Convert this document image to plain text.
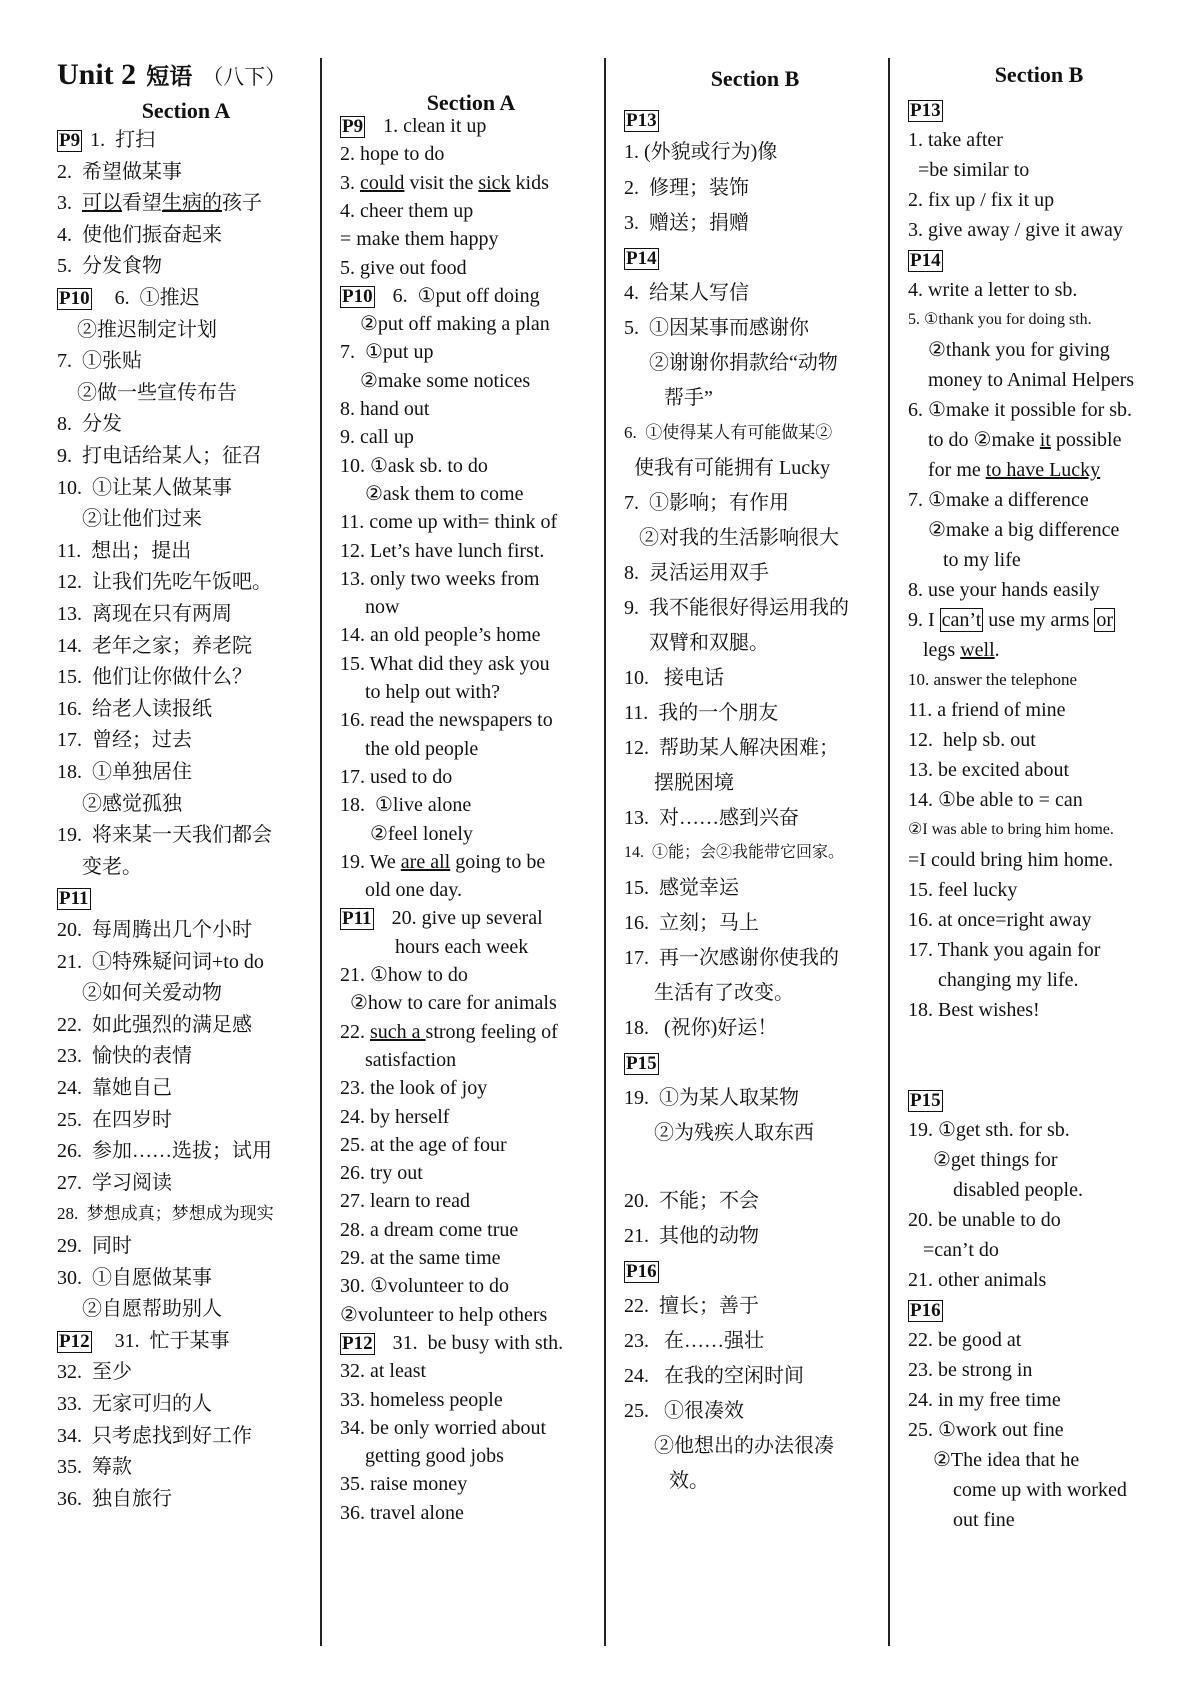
Unit 2 短语 （八下）
Section A
P9 1.  打扫
2.  希望做某事
3.  可以看望生病的孩子
4.  使他们振奋起来
5.  分发食物
P10   6.  ①推迟
②推迟制定计划
7.  ①张贴
②做一些宣传布告
8.  分发
9.  打电话给某人；征召
10.  ①让某人做某事
②让他们过来
11.  想出；提出
12.  让我们先吃午饭吧。
13.  离现在只有两周
14.  老年之家；养老院
15.  他们让你做什么？
16.  给老人读报纸
17.  曾经；过去
18.  ①单独居住
②感觉孤独
19.  将来某一天我们都会
变老。
P11
20.  每周腾出几个小时
21.  ①特殊疑问词+to do
②如何关爱动物
22.  如此强烈的满足感
23.  愉快的表情
24.  靠她自己
25.  在四岁时
26.  参加……选拔；试用
27.  学习阅读
28.  梦想成真；梦想成为现实
29.  同时
30.  ①自愿做某事
②自愿帮助别人
P12   31.  忙于某事
32.  至少
33.  无家可归的人
34.  只考虑找到好工作
35.  筹款
36.  独自旅行
Section A
P9  1. clean it up
2. hope to do
3. could visit the sick kids
4. cheer them up
= make them happy
5. give out food
P10  6.  ①put off doing
②put off making a plan
7.  ①put up
②make some notices
8. hand out
9. call up
10. ①ask sb. to do
②ask them to come
11. come up with= think of
12. Let’s have lunch first.
13. only two weeks from
now
14. an old people’s home
15. What did they ask you
to help out with?
16. read the newspapers to
the old people
17. used to do
18.  ①live alone
②feel lonely
19. We are all going to be
old one day.
P11  20. give up several
hours each week
21. ①how to do
②how to care for animals
22. such a strong feeling of
satisfaction
23. the look of joy
24. by herself
25. at the age of four
26. try out
27. learn to read
28. a dream come true
29. at the same time
30. ①volunteer to do
②volunteer to help others
P12  31.  be busy with sth.
32. at least
33. homeless people
34. be only worried about
getting good jobs
35. raise money
36. travel alone
Section B
P13
1. (外貌或行为)像
2.  修理；装饰
3.  赠送；捐赠
P14
4.  给某人写信
5.  ①因某事而感谢你
②谢谢你捐款给“动物
帮手”
6.  ①使得某人有可能做某②
使我有可能拥有 Lucky
7.  ①影响；有作用
②对我的生活影响很大
8.  灵活运用双手
9.  我不能很好得运用我的
双臂和双腿。
10.   接电话
11.  我的一个朋友
12.  帮助某人解决困难；
摆脱困境
13.  对……感到兴奋
14.  ①能；会②我能带它回家。
15.  感觉幸运
16.  立刻；马上
17.  再一次感谢你使我的
生活有了改变。
18.   (祝你)好运！
P15
19.  ①为某人取某物
②为残疾人取东西
20.  不能；不会
21.  其他的动物
P16
22.  擅长；善于
23.   在……强壮
24.   在我的空闲时间
25.   ①很凑效
②他想出的办法很凑
效。
Section B
P13
1. take after
=be similar to
2. fix up / fix it up
3. give away / give it away
P14
4. write a letter to sb.
5. ①thank you for doing sth.
②thank you for giving
money to Animal Helpers
6. ①make it possible for sb.
to do ②make it possible
for me to have Lucky
7. ①make a difference
②make a big difference
to my life
8. use your hands easily
9. I can’t use my arms or
legs well.
10. answer the telephone
11. a friend of mine
12.  help sb. out
13. be excited about
14. ①be able to = can
②I was able to bring him home.
=I could bring him home.
15. feel lucky
16. at once=right away
17. Thank you again for
changing my life.
18. Best wishes!
P15
19. ①get sth. for sb.
②get things for
disabled people.
20. be unable to do
=can’t do
21. other animals
P16
22. be good at
23. be strong in
24. in my free time
25. ①work out fine
②The idea that he
come up with worked
out fine
